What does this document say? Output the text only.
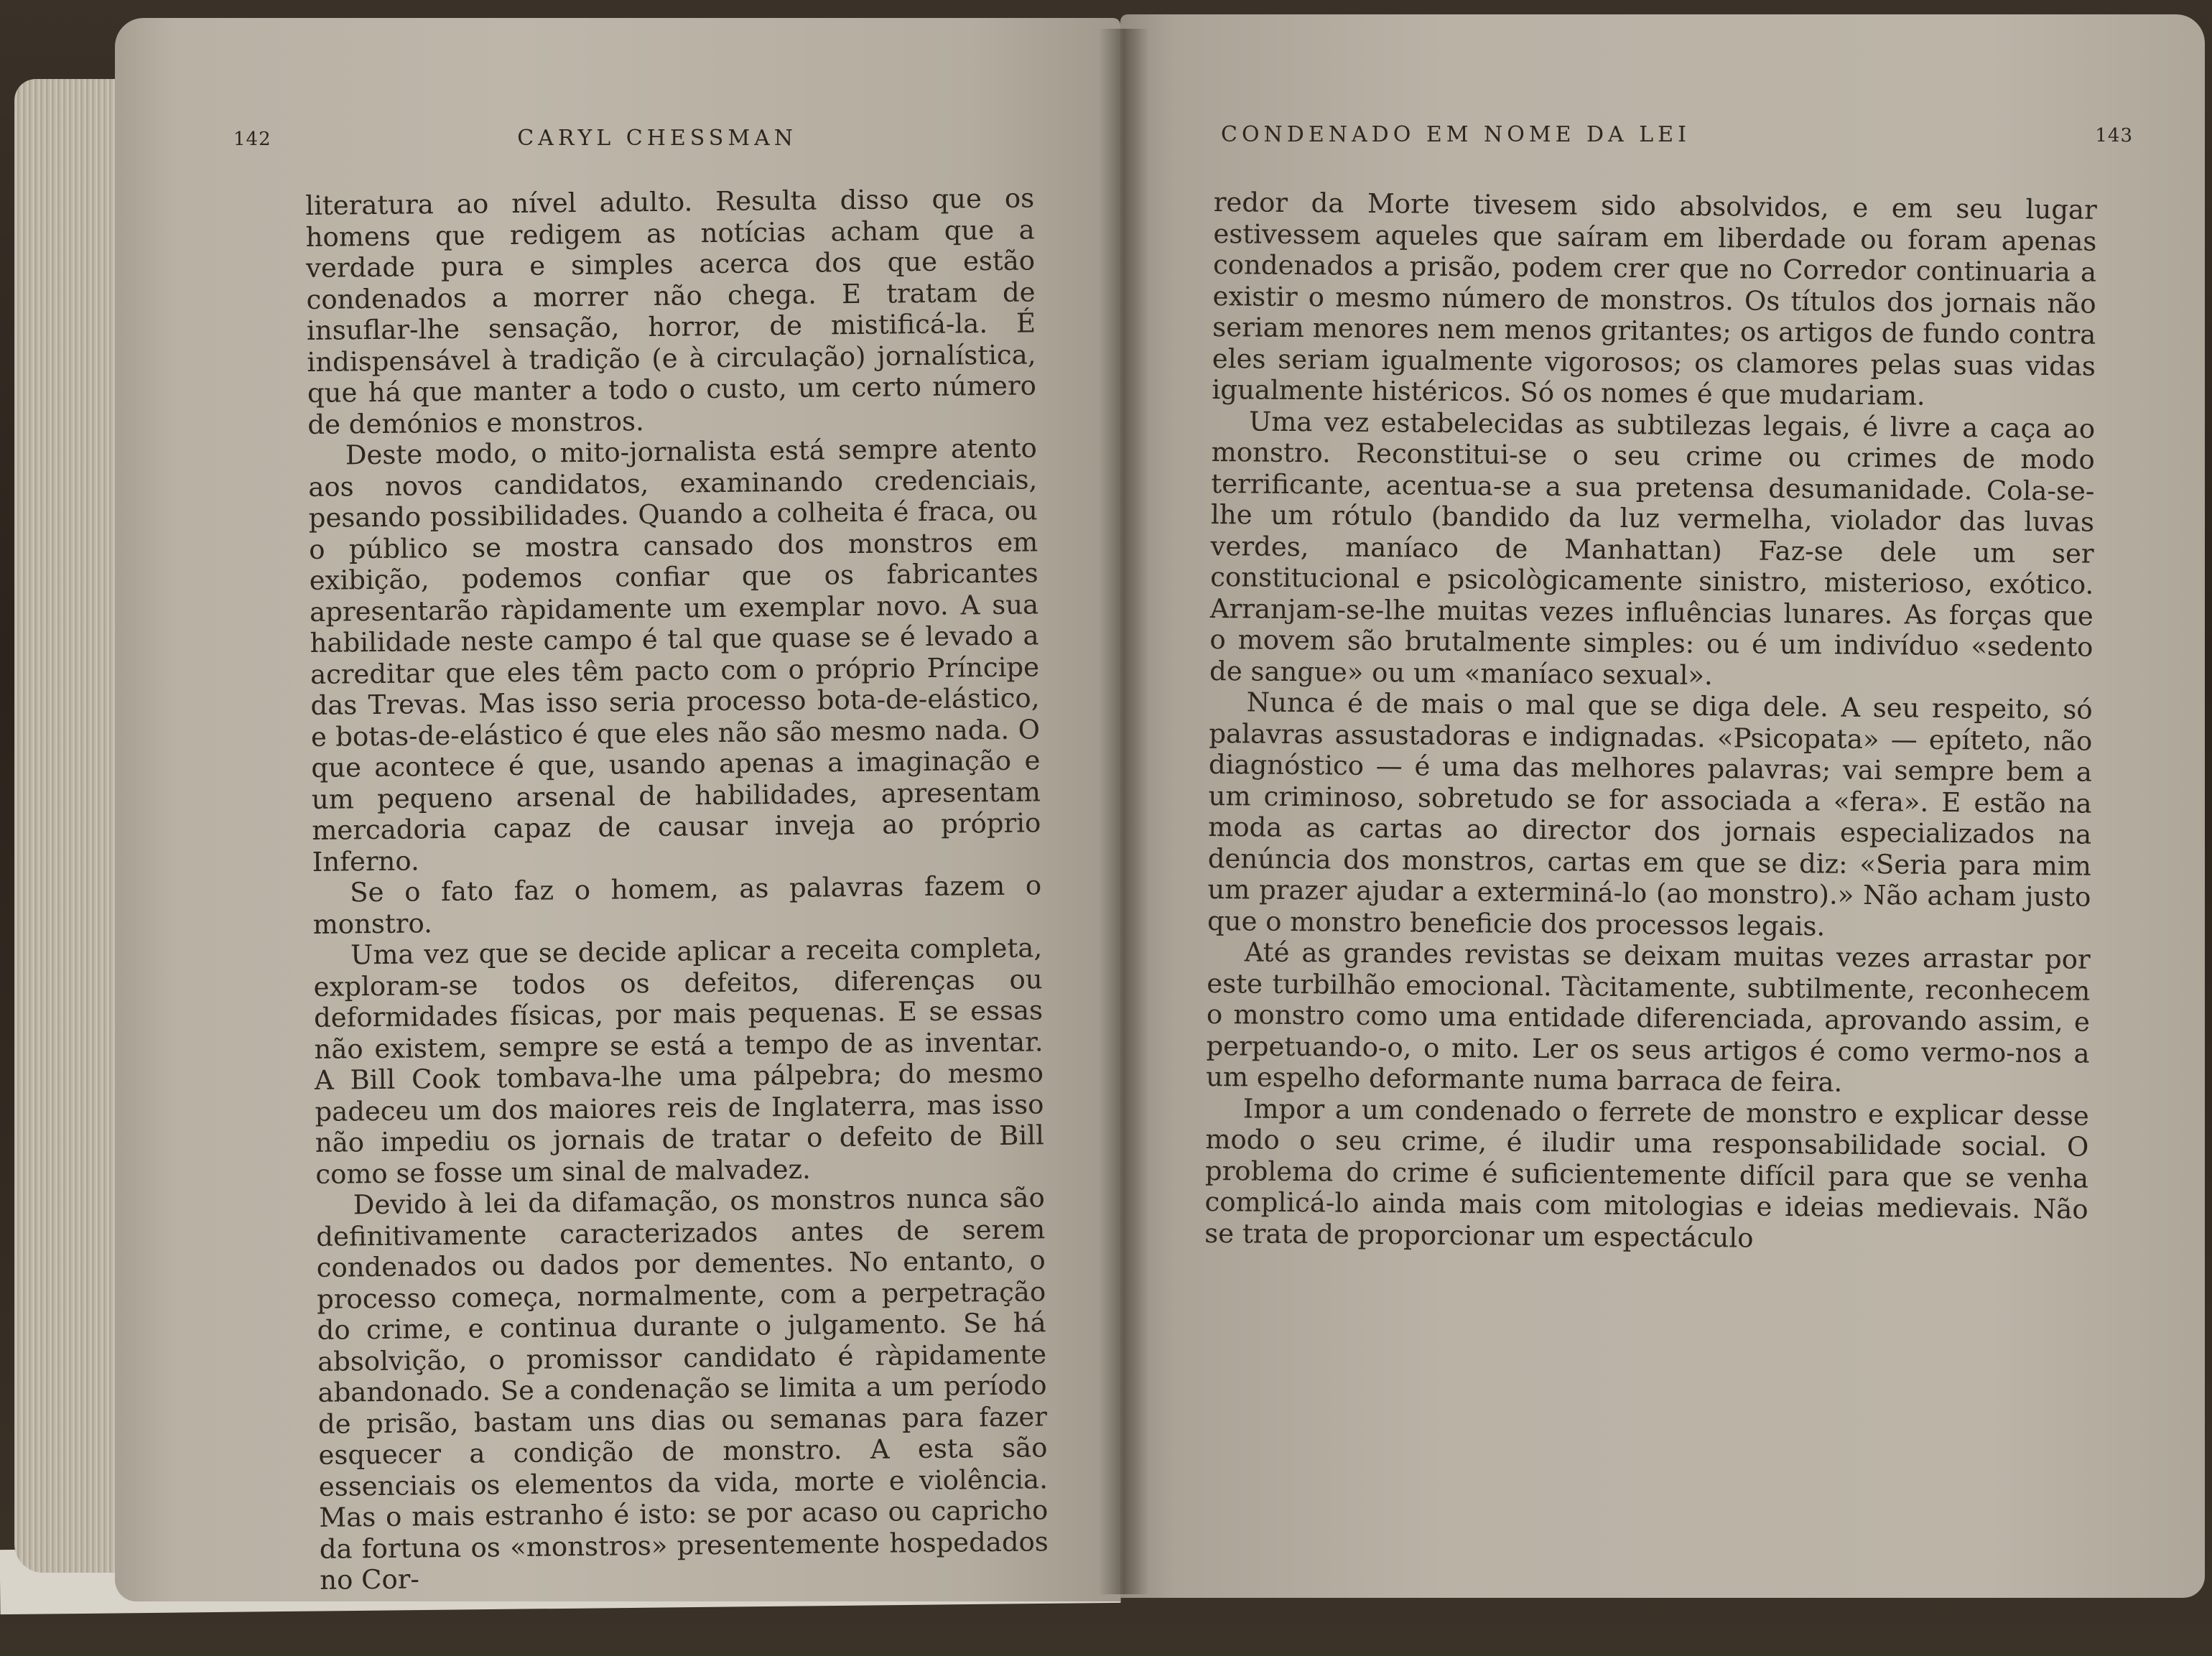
142	CARYL CHESSMAN

literatura ao nível adulto. Resulta disso que os homens que redigem as notícias acham que a verdade pura e simples acerca dos que estão condenados a morrer não chega. E tratam de insuflar-lhe sensação, horror, de mistificá-la. É indispensável à tradição (e à circulação) jornalística, que há que manter a todo o custo, um certo número de demónios e monstros.

Deste modo, o mito-jornalista está sempre atento aos novos candidatos, examinando credenciais, pesando possibilidades. Quando a colheita é fraca, ou o público se mostra cansado dos monstros em exibição, podemos confiar que os fabricantes apresentarão ràpidamente um exemplar novo. A sua habilidade neste campo é tal que quase se é levado a acreditar que eles têm pacto com o próprio Príncipe das Trevas. Mas isso seria processo bota-de-elástico, e botas-de-elástico é que eles não são mesmo nada. O que acontece é que, usando apenas a imaginação e um pequeno arsenal de habilidades, apresentam mercadoria capaz de causar inveja ao próprio Inferno.

Se o fato faz o homem, as palavras fazem o monstro.

Uma vez que se decide aplicar a receita completa, exploram-se todos os defeitos, diferenças ou deformidades físicas, por mais pequenas. E se essas não existem, sempre se está a tempo de as inventar. A Bill Cook tombava-lhe uma pálpebra; do mesmo padeceu um dos maiores reis de Inglaterra, mas isso não impediu os jornais de tratar o defeito de Bill como se fosse um sinal de malvadez.

Devido à lei da difamação, os monstros nunca são definitivamente caracterizados antes de serem condenados ou dados por dementes. No entanto, o processo começa, normalmente, com a perpetração do crime, e continua durante o julgamento. Se há absolvição, o promissor candidato é ràpidamente abandonado. Se a condenação se limita a um período de prisão, bastam uns dias ou semanas para fazer esquecer a condição de monstro. A esta são essenciais os elementos da vida, morte e violência. Mas o mais estranho é isto: se por acaso ou capricho da fortuna os «monstros» presentemente hospedados no Cor-

CONDENADO EM NOME DA LEI	143

redor da Morte tivesem sido absolvidos, e em seu lugar estivessem aqueles que saíram em liberdade ou foram apenas condenados a prisão, podem crer que no Corredor continuaria a existir o mesmo número de monstros. Os títulos dos jornais não seriam menores nem menos gritantes; os artigos de fundo contra eles seriam igualmente vigorosos; os clamores pelas suas vidas igualmente histéricos. Só os nomes é que mudariam.

Uma vez estabelecidas as subtilezas legais, é livre a caça ao monstro. Reconstitui-se o seu crime ou crimes de modo terrificante, acentua-se a sua pretensa desumanidade. Cola-se-lhe um rótulo (bandido da luz vermelha, violador das luvas verdes, maníaco de Manhattan) Faz-se dele um ser constitucional e psicològicamente sinistro, misterioso, exótico. Arranjam-se-lhe muitas vezes influências lunares. As forças que o movem são brutalmente simples: ou é um indivíduo «sedento de sangue» ou um «maníaco sexual».

Nunca é de mais o mal que se diga dele. A seu respeito, só palavras assustadoras e indignadas. «Psicopata» — epíteto, não diagnóstico — é uma das melhores palavras; vai sempre bem a um criminoso, sobretudo se for associada a «fera». E estão na moda as cartas ao director dos jornais especializados na denúncia dos monstros, cartas em que se diz: «Seria para mim um prazer ajudar a exterminá-lo (ao monstro).» Não acham justo que o monstro beneficie dos processos legais.

Até as grandes revistas se deixam muitas vezes arrastar por este turbilhão emocional. Tàcitamente, subtilmente, reconhecem o monstro como uma entidade diferenciada, aprovando assim, e perpetuando-o, o mito. Ler os seus artigos é como vermo-nos a um espelho deformante numa barraca de feira.

Impor a um condenado o ferrete de monstro e explicar desse modo o seu crime, é iludir uma responsabilidade social. O problema do crime é suficientemente difícil para que se venha complicá-lo ainda mais com mitologias e ideias medievais. Não se trata de proporcionar um espectáculo
